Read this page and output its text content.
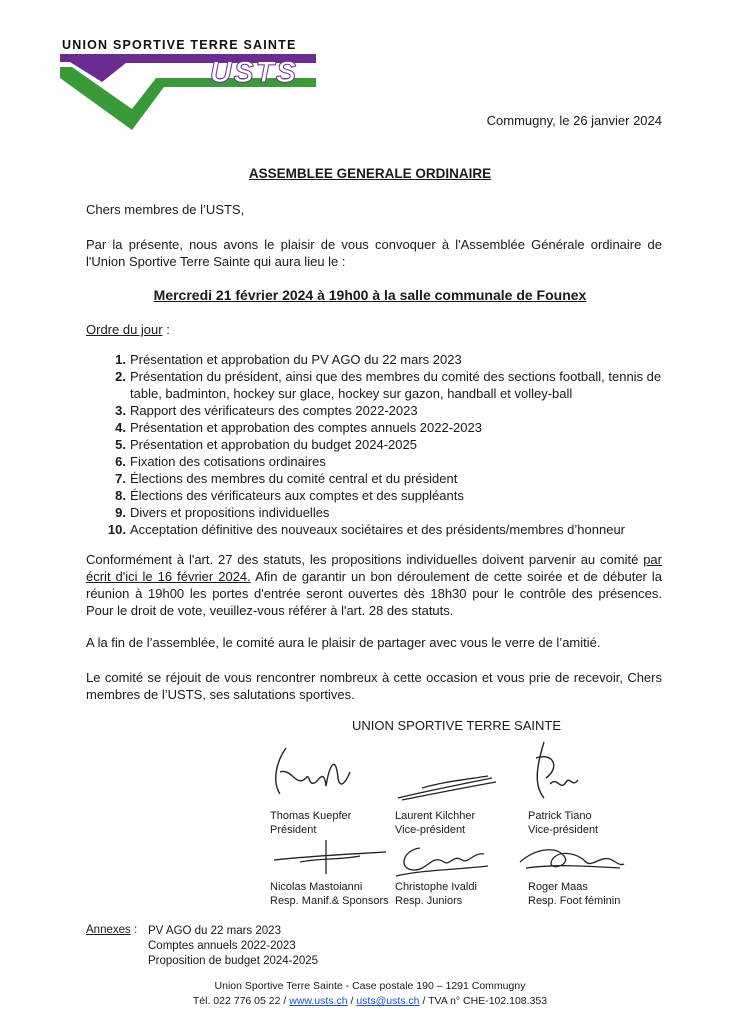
UNION SPORTIVE TERRE SAINTE
USTS
Commugny, le 26 janvier 2024
ASSEMBLEE GENERALE ORDINAIRE
Chers membres de l’USTS,
Par la présente, nous avons le plaisir de vous convoquer à l'Assemblée Générale ordinaire de l'Union Sportive Terre Sainte qui aura lieu le :
Mercredi 21 février 2024 à 19h00 à la salle communale de Founex
Ordre du jour :
1. Présentation et approbation du PV AGO du 22 mars 2023
2. Présentation du président, ainsi que des membres du comité des sections football, tennis de table, badminton, hockey sur glace, hockey sur gazon, handball et volley-ball
3. Rapport des vérificateurs des comptes 2022-2023
4. Présentation et approbation des comptes annuels 2022-2023
5. Présentation et approbation du budget 2024-2025
6. Fixation des cotisations ordinaires
7. Élections des membres du comité central et du président
8. Élections des vérificateurs aux comptes et des suppléants
9. Divers et propositions individuelles
10. Acceptation définitive des nouveaux sociétaires et des présidents/membres d’honneur
Conformément à l'art. 27 des statuts, les propositions individuelles doivent parvenir au comité par écrit d'ici le 16 février 2024. Afin de garantir un bon déroulement de cette soirée et de débuter la réunion à 19h00 les portes d'entrée seront ouvertes dès 18h30 pour le contrôle des présences. Pour le droit de vote, veuillez-vous référer à l'art. 28 des statuts.
A la fin de l’assemblée, le comité aura le plaisir de partager avec vous le verre de l’amitié.
Le comité se réjouit de vous rencontrer nombreux à cette occasion et vous prie de recevoir, Chers membres de l’USTS, ses salutations sportives.
UNION SPORTIVE TERRE SAINTE
Thomas Kuepfer
Président
Laurent Kilchher
Vice-président
Patrick Tiano
Vice-président
Nicolas Mastoianni
Resp. Manif.& Sponsors
Christophe Ivaldi
Resp. Juniors
Roger Maas
Resp. Foot féminin
Annexes : PV AGO du 22 mars 2023
Comptes annuels 2022-2023
Proposition de budget 2024-2025
Union Sportive Terre Sainte - Case postale 190 – 1291 Commugny
Tél. 022 776 05 22 / www.usts.ch / usts@usts.ch / TVA n° CHE-102.108.353
